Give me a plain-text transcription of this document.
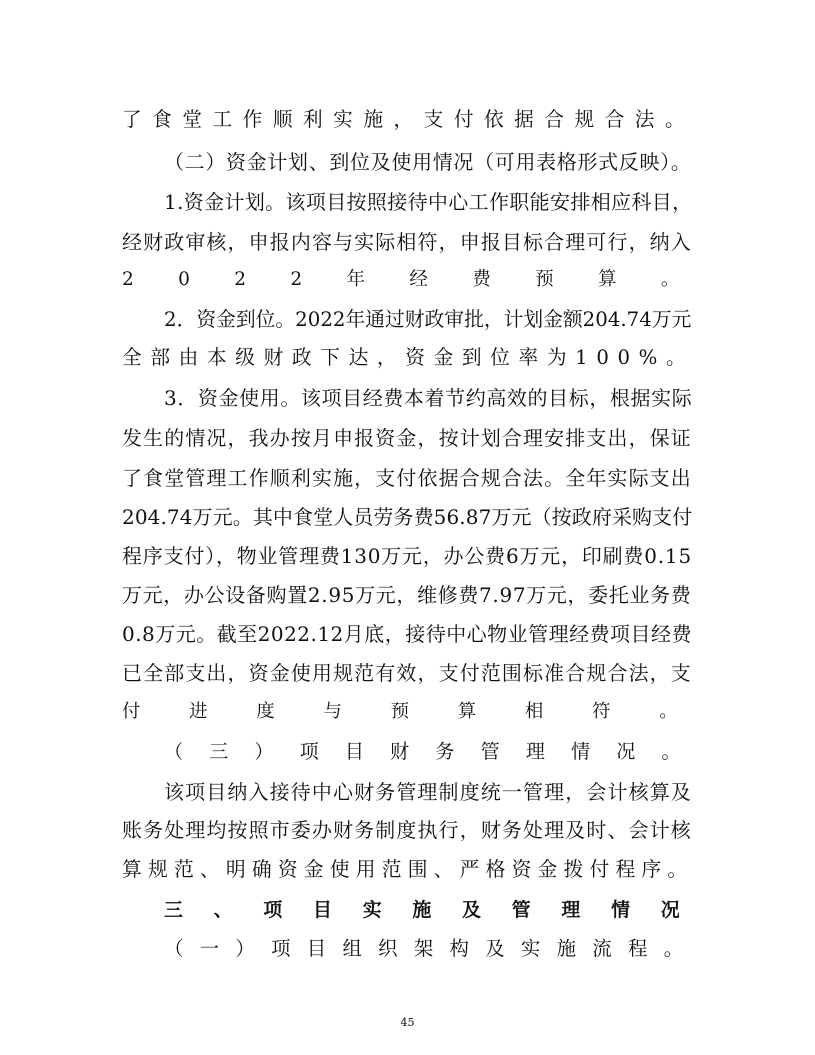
了食堂工作顺利实施，支付依据合规合法。
（二）资金计划、到位及使用情况（可用表格形式反映）。
1.资金计划。该项目按照接待中心工作职能安排相应科目，
经财政审核，申报内容与实际相符，申报目标合理可行，纳入
2022年经费预算。
2．资金到位。2022年通过财政审批，计划金额204.74万元
全部由本级财政下达，资金到位率为100%。
3．资金使用。该项目经费本着节约高效的目标，根据实际
发生的情况，我办按月申报资金，按计划合理安排支出，保证
了食堂管理工作顺利实施，支付依据合规合法。全年实际支出
204.74万元。其中食堂人员劳务费56.87万元（按政府采购支付
程序支付），物业管理费130万元，办公费6万元，印刷费0.15
万元，办公设备购置2.95万元，维修费7.97万元，委托业务费
0.8万元。截至2022.12月底，接待中心物业管理经费项目经费
已全部支出，资金使用规范有效，支付范围标准合规合法，支
付进度与预算相符。
（三）项目财务管理情况。
该项目纳入接待中心财务管理制度统一管理，会计核算及
账务处理均按照市委办财务制度执行，财务处理及时、会计核
算规范、明确资金使用范围、严格资金拨付程序。
三、项目实施及管理情况
（一）项目组织架构及实施流程。
45
